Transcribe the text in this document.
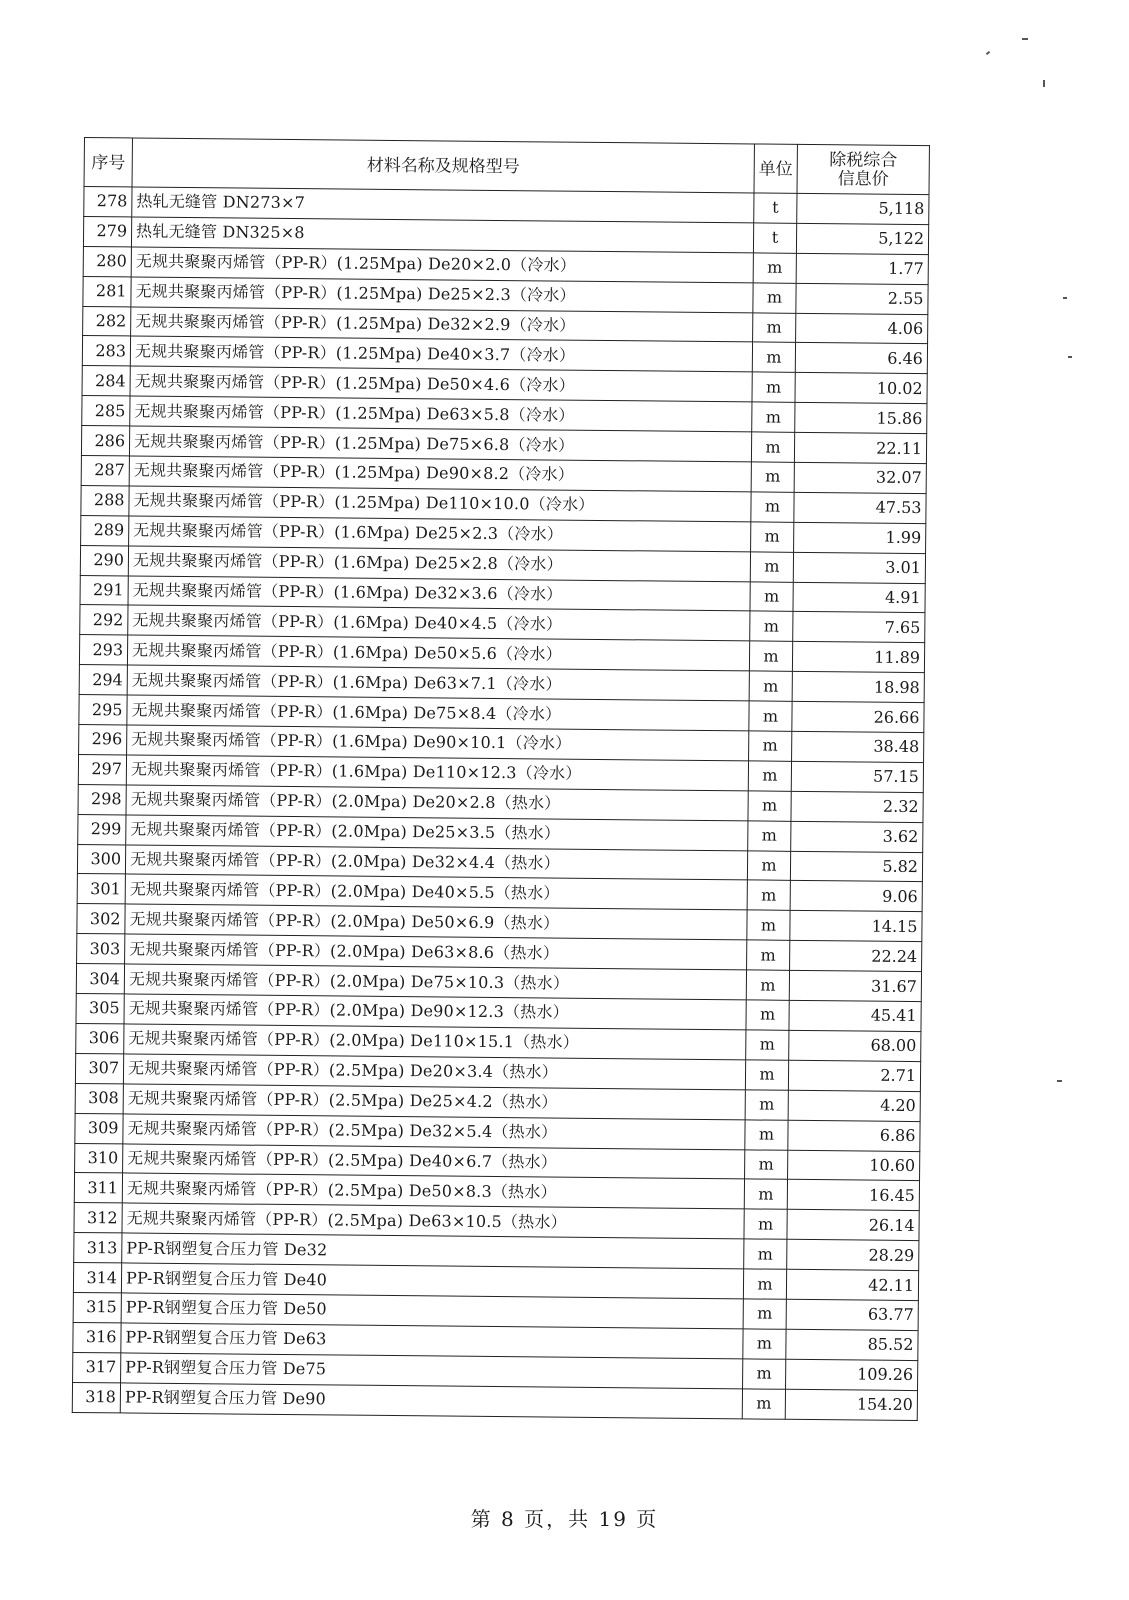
序号	材料名称及规格型号	单位	除税综合
信息价

278	热轧无缝管 DN273×7	t	5,118
279	热轧无缝管 DN325×8	t	5,122
280	无规共聚聚丙烯管（PP-R）(1.25Mpa) De20×2.0（冷水）	m	1.77
281	无规共聚聚丙烯管（PP-R）(1.25Mpa) De25×2.3（冷水）	m	2.55
282	无规共聚聚丙烯管（PP-R）(1.25Mpa) De32×2.9（冷水）	m	4.06
283	无规共聚聚丙烯管（PP-R）(1.25Mpa) De40×3.7（冷水）	m	6.46
284	无规共聚聚丙烯管（PP-R）(1.25Mpa) De50×4.6（冷水）	m	10.02
285	无规共聚聚丙烯管（PP-R）(1.25Mpa) De63×5.8（冷水）	m	15.86
286	无规共聚聚丙烯管（PP-R）(1.25Mpa) De75×6.8（冷水）	m	22.11
287	无规共聚聚丙烯管（PP-R）(1.25Mpa) De90×8.2（冷水）	m	32.07
288	无规共聚聚丙烯管（PP-R）(1.25Mpa) De110×10.0（冷水）	m	47.53
289	无规共聚聚丙烯管（PP-R）(1.6Mpa) De25×2.3（冷水）	m	1.99
290	无规共聚聚丙烯管（PP-R）(1.6Mpa) De25×2.8（冷水）	m	3.01
291	无规共聚聚丙烯管（PP-R）(1.6Mpa) De32×3.6（冷水）	m	4.91
292	无规共聚聚丙烯管（PP-R）(1.6Mpa) De40×4.5（冷水）	m	7.65
293	无规共聚聚丙烯管（PP-R）(1.6Mpa) De50×5.6（冷水）	m	11.89
294	无规共聚聚丙烯管（PP-R）(1.6Mpa) De63×7.1（冷水）	m	18.98
295	无规共聚聚丙烯管（PP-R）(1.6Mpa) De75×8.4（冷水）	m	26.66
296	无规共聚聚丙烯管（PP-R）(1.6Mpa) De90×10.1（冷水）	m	38.48
297	无规共聚聚丙烯管（PP-R）(1.6Mpa) De110×12.3（冷水）	m	57.15
298	无规共聚聚丙烯管（PP-R）(2.0Mpa) De20×2.8（热水）	m	2.32
299	无规共聚聚丙烯管（PP-R）(2.0Mpa) De25×3.5（热水）	m	3.62
300	无规共聚聚丙烯管（PP-R）(2.0Mpa) De32×4.4（热水）	m	5.82
301	无规共聚聚丙烯管（PP-R）(2.0Mpa) De40×5.5（热水）	m	9.06
302	无规共聚聚丙烯管（PP-R）(2.0Mpa) De50×6.9（热水）	m	14.15
303	无规共聚聚丙烯管（PP-R）(2.0Mpa) De63×8.6（热水）	m	22.24
304	无规共聚聚丙烯管（PP-R）(2.0Mpa) De75×10.3（热水）	m	31.67
305	无规共聚聚丙烯管（PP-R）(2.0Mpa) De90×12.3（热水）	m	45.41
306	无规共聚聚丙烯管（PP-R）(2.0Mpa) De110×15.1（热水）	m	68.00
307	无规共聚聚丙烯管（PP-R）(2.5Mpa) De20×3.4（热水）	m	2.71
308	无规共聚聚丙烯管（PP-R）(2.5Mpa) De25×4.2（热水）	m	4.20
309	无规共聚聚丙烯管（PP-R）(2.5Mpa) De32×5.4（热水）	m	6.86
310	无规共聚聚丙烯管（PP-R）(2.5Mpa) De40×6.7（热水）	m	10.60
311	无规共聚聚丙烯管（PP-R）(2.5Mpa) De50×8.3（热水）	m	16.45
312	无规共聚聚丙烯管（PP-R）(2.5Mpa) De63×10.5（热水）	m	26.14
313	PP-R钢塑复合压力管 De32	m	28.29
314	PP-R钢塑复合压力管 De40	m	42.11
315	PP-R钢塑复合压力管 De50	m	63.77
316	PP-R钢塑复合压力管 De63	m	85.52
317	PP-R钢塑复合压力管 De75	m	109.26
318	PP-R钢塑复合压力管 De90	m	154.20
第 8 页，共 19 页
